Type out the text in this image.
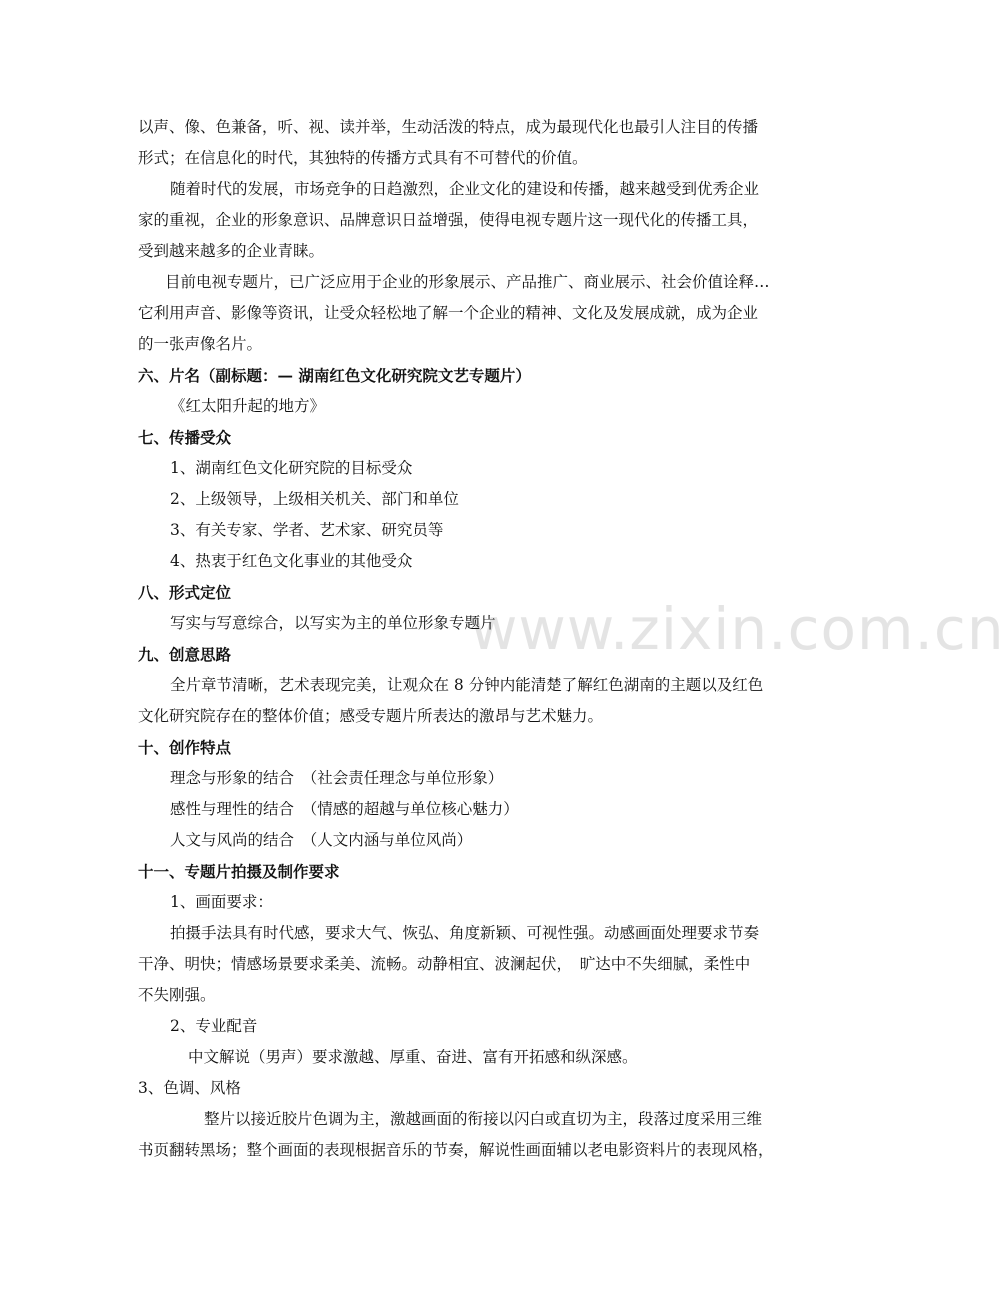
www.zixin.com.cn
以声、像、色兼备，听、视、读并举，生动活泼的特点，成为最现代化也最引人注目的传播
形式；在信息化的时代，其独特的传播方式具有不可替代的价值。
随着时代的发展，市场竞争的日趋激烈，企业文化的建设和传播，越来越受到优秀企业
家的重视，企业的形象意识、品牌意识日益增强，使得电视专题片这一现代化的传播工具，
受到越来越多的企业青睐。
目前电视专题片，已广泛应用于企业的形象展示、产品推广、商业展示、社会价值诠释…
它利用声音、影像等资讯，让受众轻松地了解一个企业的精神、文化及发展成就，成为企业
的一张声像名片。
六、片名（副标题：— 湖南红色文化研究院文艺专题片）
《红太阳升起的地方》
七、传播受众
1、湖南红色文化研究院的目标受众
2、上级领导，上级相关机关、部门和单位
3、有关专家、学者、艺术家、研究员等
4、热衷于红色文化事业的其他受众
八、形式定位
写实与写意综合，以写实为主的单位形象专题片
九、创意思路
全片章节清晰，艺术表现完美，让观众在 8 分钟内能清楚了解红色湖南的主题以及红色
文化研究院存在的整体价值；感受专题片所表达的激昂与艺术魅力。
十、创作特点
理念与形象的结合　（社会责任理念与单位形象）
感性与理性的结合　（情感的超越与单位核心魅力）
人文与风尚的结合　（人文内涵与单位风尚）
十一、专题片拍摄及制作要求
1、画面要求：
拍摄手法具有时代感，要求大气、恢弘、角度新颖、可视性强。动感画面处理要求节奏
干净、明快；情感场景要求柔美、流畅。动静相宜、波澜起伏，　旷达中不失细腻，柔性中
不失刚强。
2、专业配音
中文解说（男声）要求激越、厚重、奋进、富有开拓感和纵深感。
3、色调、风格
整片以接近胶片色调为主，激越画面的衔接以闪白或直切为主，段落过度采用三维
书页翻转黑场；整个画面的表现根据音乐的节奏，解说性画面辅以老电影资料片的表现风格，
